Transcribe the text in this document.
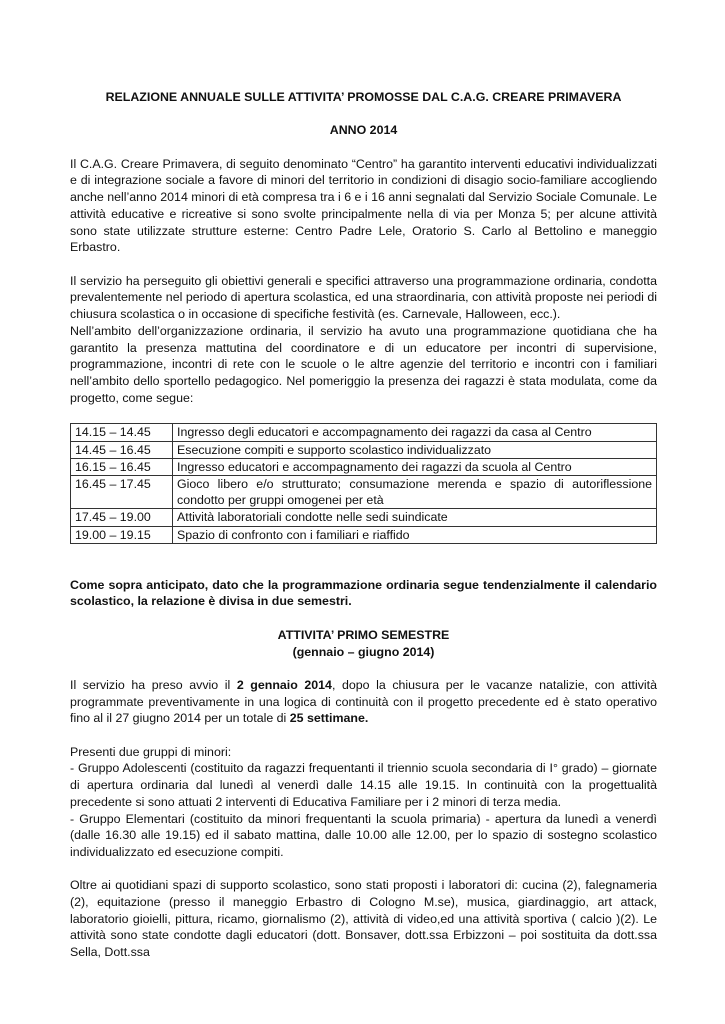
RELAZIONE ANNUALE SULLE ATTIVITA’ PROMOSSE DAL C.A.G. CREARE PRIMAVERA

ANNO 2014

Il C.A.G. Creare Primavera, di seguito denominato “Centro” ha garantito interventi educativi individualizzati e di integrazione sociale a favore di minori del territorio in condizioni di disagio socio-familiare accogliendo anche nell’anno 2014 minori di età compresa tra i 6 e i 16 anni segnalati dal Servizio Sociale Comunale. Le attività educative e ricreative si sono svolte principalmente nella di via per Monza 5; per alcune attività sono state utilizzate strutture esterne: Centro Padre Lele, Oratorio S. Carlo al Bettolino e maneggio Erbastro.

Il servizio ha perseguito gli obiettivi generali e specifici attraverso una programmazione ordinaria, condotta prevalentemente nel periodo di apertura scolastica, ed una straordinaria, con attività proposte nei periodi di chiusura scolastica o in occasione di specifiche festività (es. Carnevale, Halloween, ecc.).

Nell’ambito dell’organizzazione ordinaria, il servizio ha avuto una programmazione quotidiana che ha garantito la presenza mattutina del coordinatore e di un educatore per incontri di supervisione, programmazione, incontri di rete con le scuole o le altre agenzie del territorio e incontri con i familiari nell’ambito dello sportello pedagogico. Nel pomeriggio la presenza dei ragazzi è stata modulata, come da progetto, come segue:

14.15 – 14.45	Ingresso degli educatori e accompagnamento dei ragazzi da casa al Centro
14.45 – 16.45	Esecuzione compiti e supporto scolastico individualizzato
16.15 – 16.45	Ingresso educatori e accompagnamento dei ragazzi da scuola al Centro
16.45 – 17.45	Gioco libero e/o strutturato; consumazione merenda e spazio di autoriflessione condotto per gruppi omogenei per età
17.45 – 19.00	Attività laboratoriali condotte nelle sedi suindicate
19.00 – 19.15	Spazio di confronto con i familiari e riaffido

Come sopra anticipato, dato che la programmazione ordinaria segue tendenzialmente il calendario scolastico, la relazione è divisa in due semestri.

ATTIVITA’ PRIMO SEMESTRE

(gennaio – giugno 2014)

Il servizio ha preso avvio il 2 gennaio 2014, dopo la chiusura per le vacanze natalizie, con attività programmate preventivamente in una logica di continuità con il progetto precedente ed è stato operativo fino al il 27 giugno 2014 per un totale di 25 settimane.

Presenti due gruppi di minori:

- Gruppo Adolescenti (costituito da ragazzi frequentanti il triennio scuola secondaria di I° grado) – giornate di apertura ordinaria dal lunedì al venerdì dalle 14.15 alle 19.15. In continuità con la progettualità precedente si sono attuati 2 interventi di Educativa Familiare per i 2 minori di terza media.

- Gruppo Elementari (costituito da minori frequentanti la scuola primaria) - apertura da lunedì a venerdì (dalle 16.30 alle 19.15) ed il sabato mattina, dalle 10.00 alle 12.00, per lo spazio di sostegno scolastico individualizzato ed esecuzione compiti.

Oltre ai quotidiani spazi di supporto scolastico, sono stati proposti i laboratori di: cucina (2), falegnameria (2), equitazione (presso il maneggio Erbastro di Cologno M.se), musica, giardinaggio, art attack, laboratorio gioielli, pittura, ricamo, giornalismo (2), attività di video,ed una attività sportiva ( calcio )(2). Le attività sono state condotte dagli educatori (dott. Bonsaver, dott.ssa Erbizzoni – poi sostituita da dott.ssa Sella, Dott.ssa
